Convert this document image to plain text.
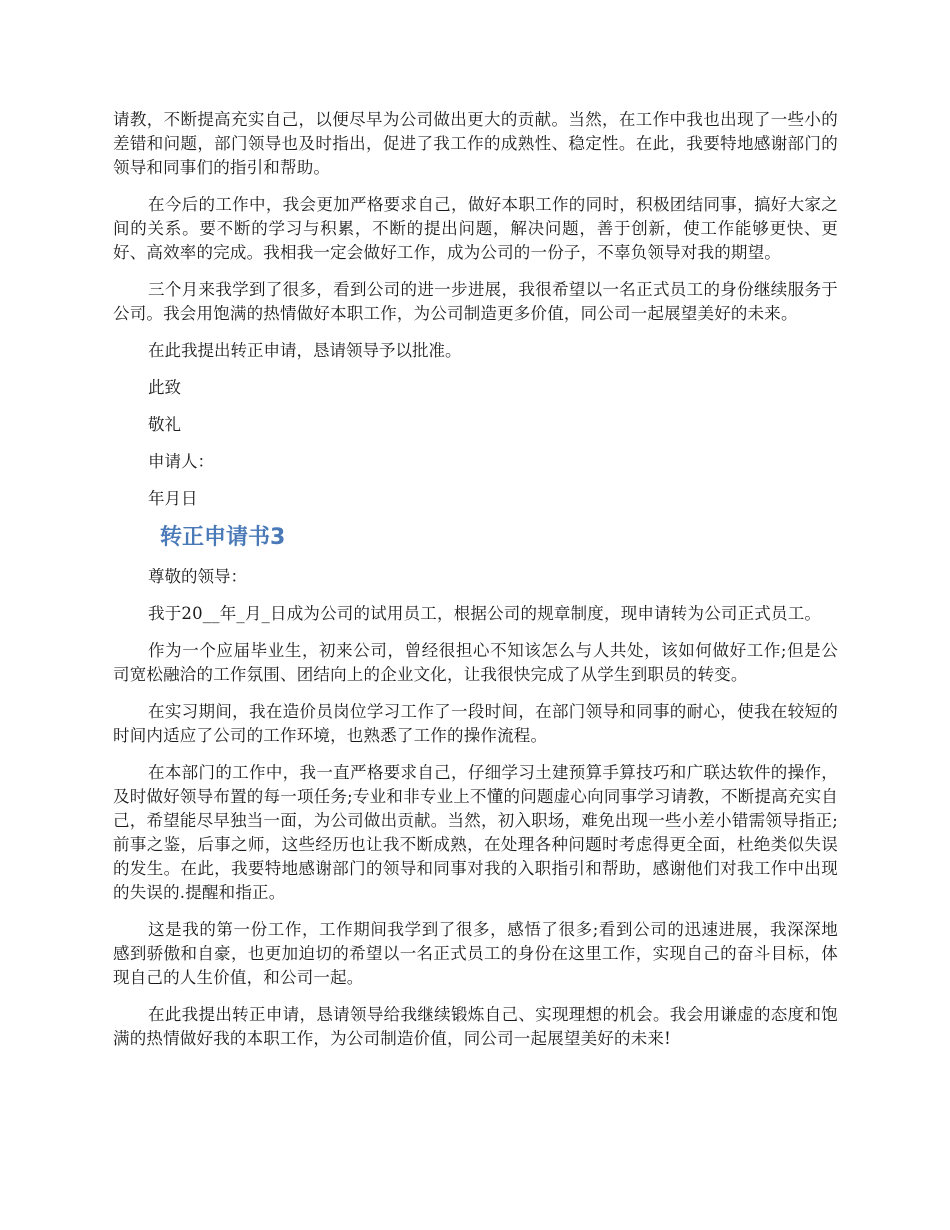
请教，不断提高充实自己，以便尽早为公司做出更大的贡献。当然，在工作中我也出现了一些小的差错和问题，部门领导也及时指出，促进了我工作的成熟性、稳定性。在此，我要特地感谢部门的领导和同事们的指引和帮助。

在今后的工作中，我会更加严格要求自己，做好本职工作的同时，积极团结同事，搞好大家之间的关系。要不断的学习与积累，不断的提出问题，解决问题，善于创新，使工作能够更快、更好、高效率的完成。我相我一定会做好工作，成为公司的一份子，不辜负领导对我的期望。

三个月来我学到了很多，看到公司的进一步进展，我很希望以一名正式员工的身份继续服务于公司。我会用饱满的热情做好本职工作，为公司制造更多价值，同公司一起展望美好的未来。

在此我提出转正申请，恳请领导予以批准。

此致

敬礼

申请人：

年月日

转正申请书3

尊敬的领导：

我于20__年_月_日成为公司的试用员工，根据公司的规章制度，现申请转为公司正式员工。

作为一个应届毕业生，初来公司，曾经很担心不知该怎么与人共处，该如何做好工作;但是公司宽松融洽的工作氛围、团结向上的企业文化，让我很快完成了从学生到职员的转变。

在实习期间，我在造价员岗位学习工作了一段时间，在部门领导和同事的耐心，使我在较短的时间内适应了公司的工作环境，也熟悉了工作的操作流程。

在本部门的工作中，我一直严格要求自己，仔细学习土建预算手算技巧和广联达软件的操作，及时做好领导布置的每一项任务;专业和非专业上不懂的问题虚心向同事学习请教，不断提高充实自己，希望能尽早独当一面，为公司做出贡献。当然，初入职场，难免出现一些小差小错需领导指正;前事之鉴，后事之师，这些经历也让我不断成熟，在处理各种问题时考虑得更全面，杜绝类似失误的发生。在此，我要特地感谢部门的领导和同事对我的入职指引和帮助，感谢他们对我工作中出现的失误的.提醒和指正。

这是我的第一份工作，工作期间我学到了很多，感悟了很多;看到公司的迅速进展，我深深地感到骄傲和自豪，也更加迫切的希望以一名正式员工的身份在这里工作，实现自己的奋斗目标，体现自己的人生价值，和公司一起。

在此我提出转正申请，恳请领导给我继续锻炼自己、实现理想的机会。我会用谦虚的态度和饱满的热情做好我的本职工作，为公司制造价值，同公司一起展望美好的未来!
